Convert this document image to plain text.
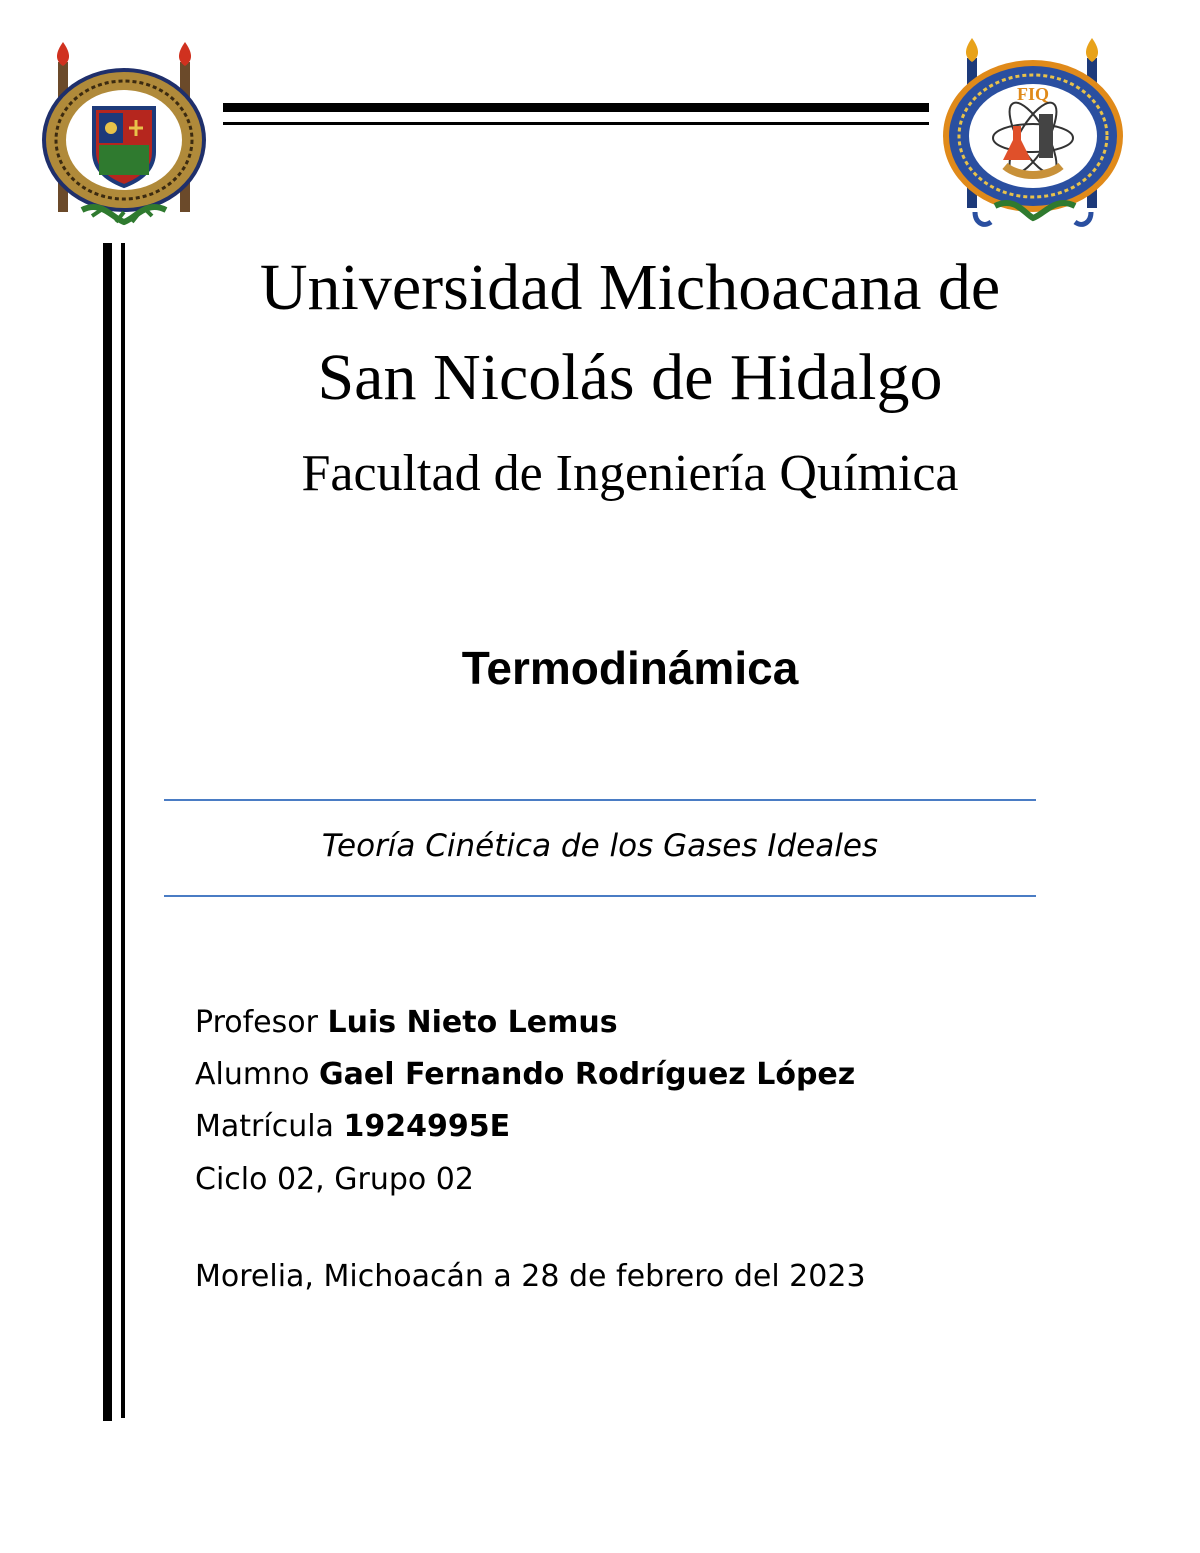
FIQ
Universidad Michoacana de
San Nicolás de Hidalgo
Facultad de Ingeniería Química
Termodinámica
Teoría Cinética de los Gases Ideales
Profesor Luis Nieto Lemus
Alumno Gael Fernando Rodríguez López
Matrícula 1924995E
Ciclo 02, Grupo 02
Morelia, Michoacán a 28 de febrero del 2023
